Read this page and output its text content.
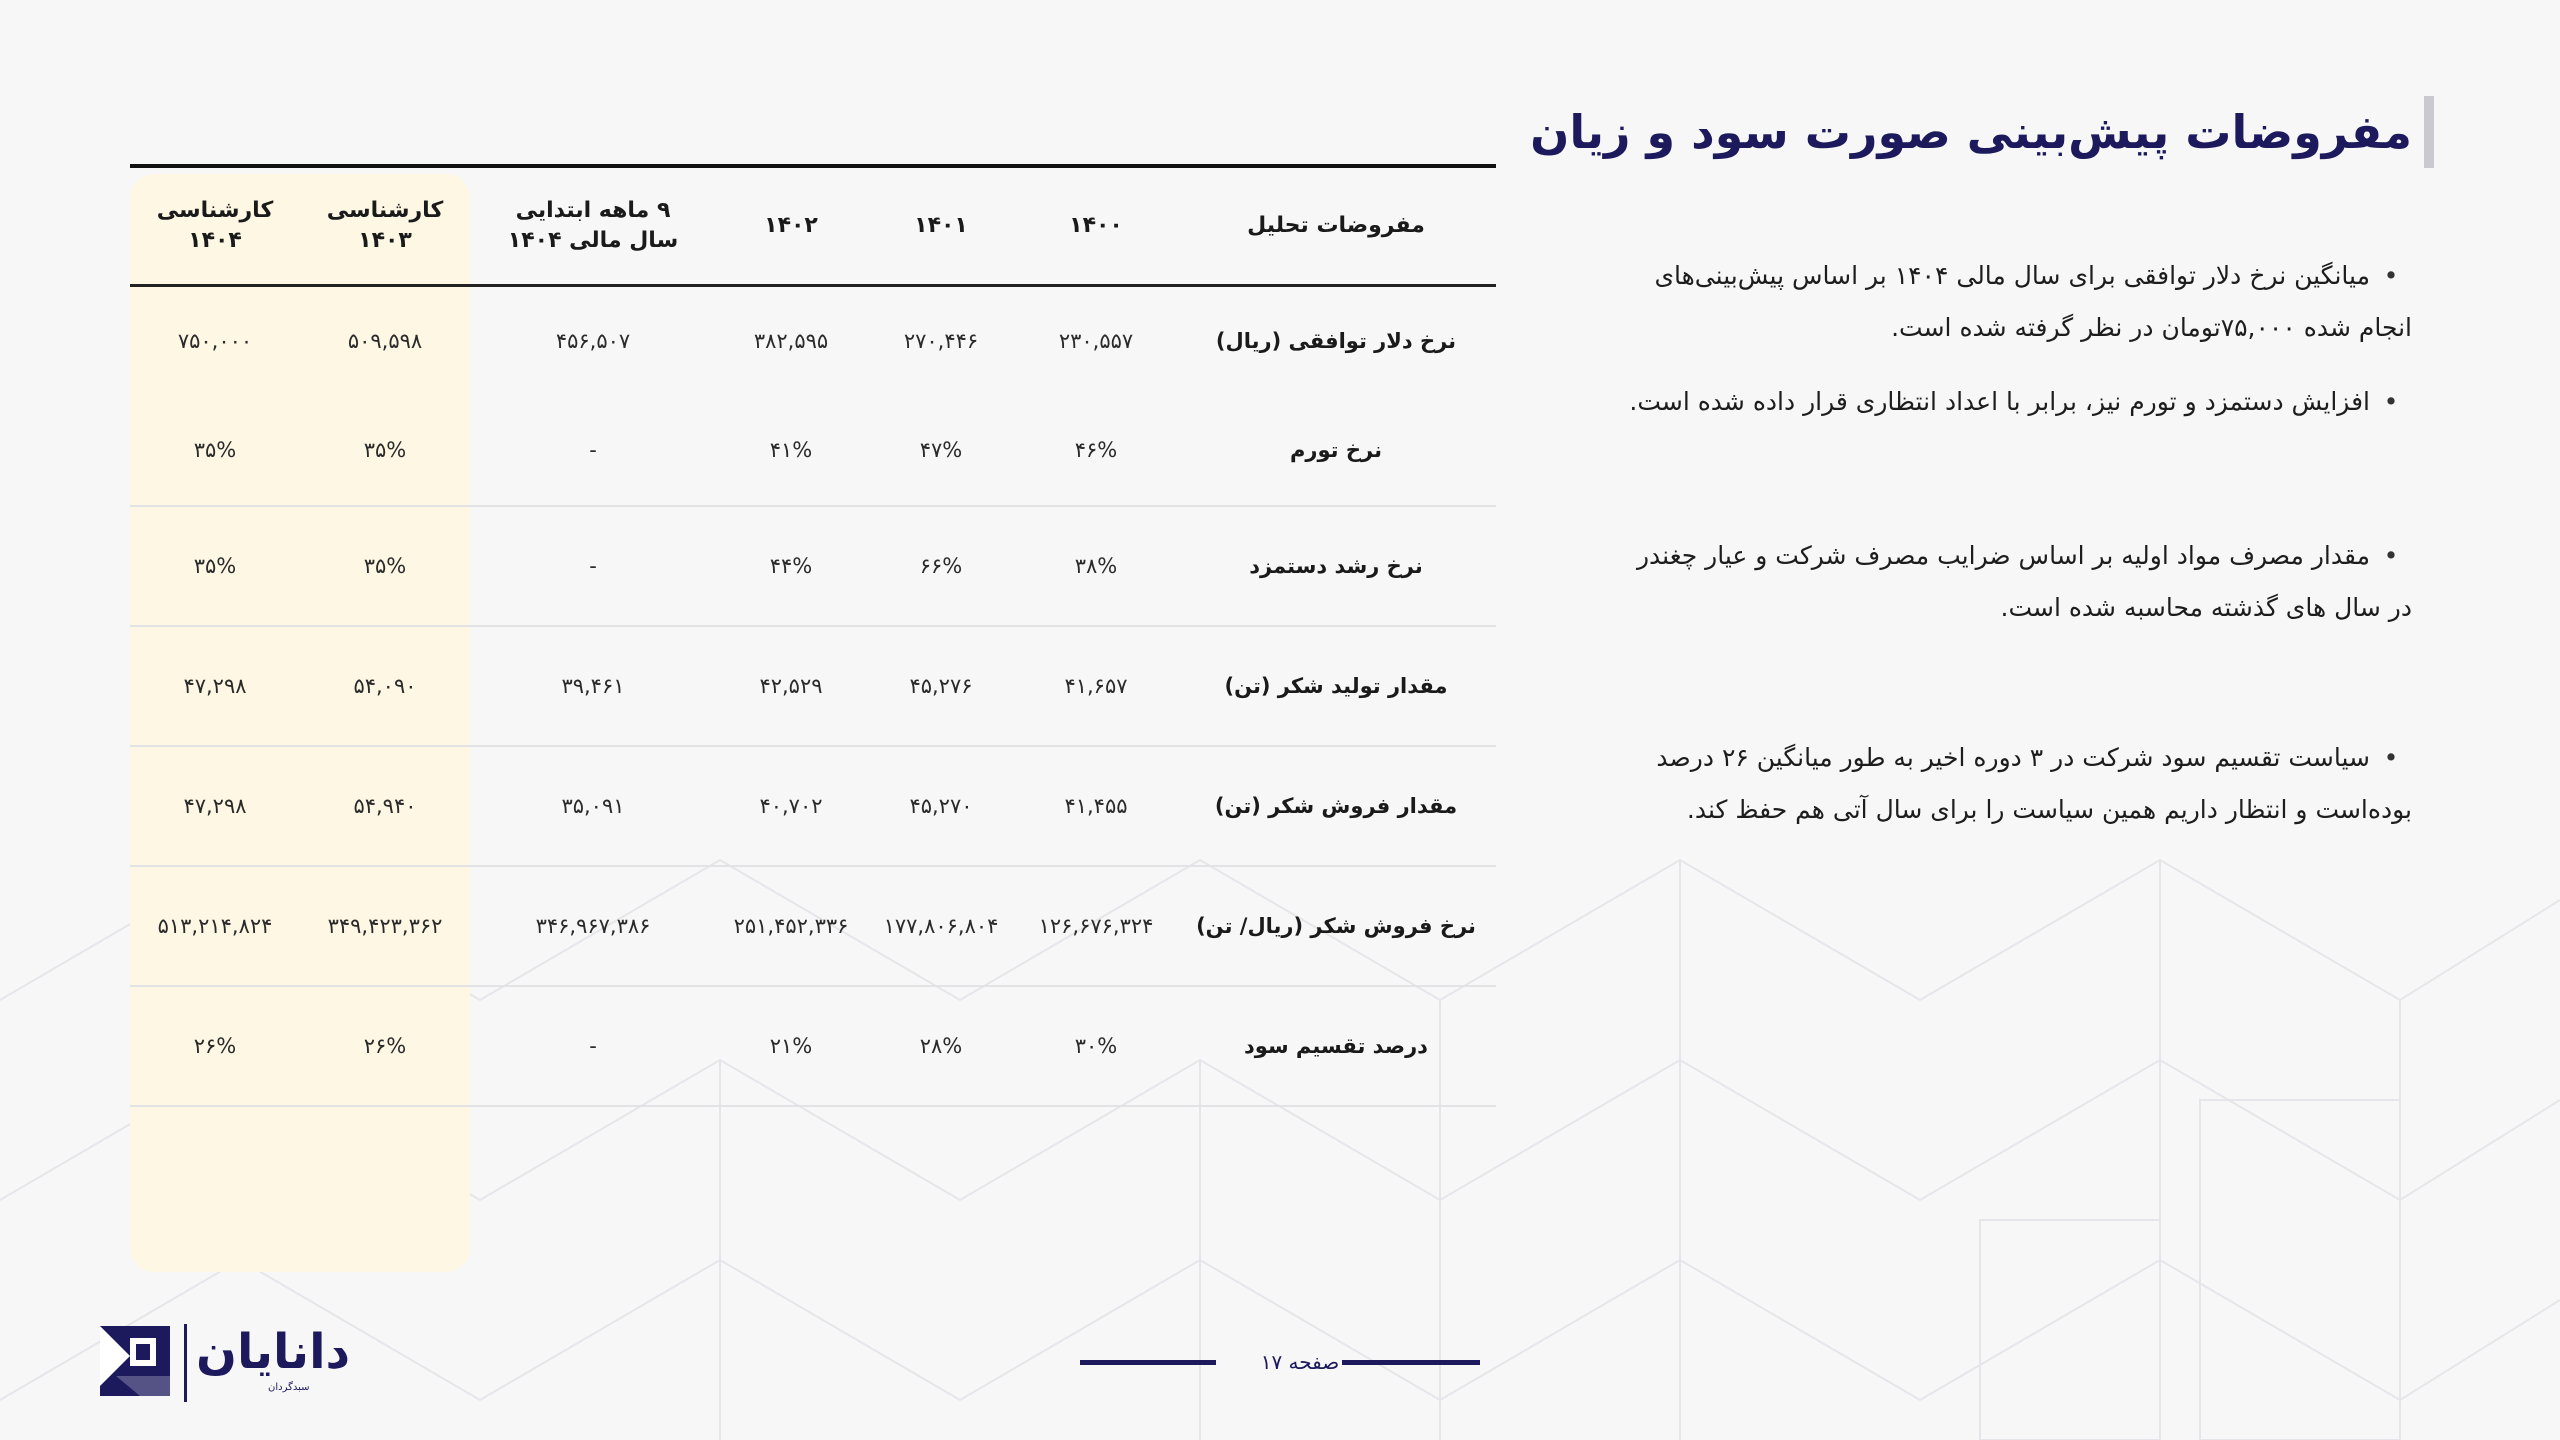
مفروضات پیش‌بینی صورت سود و زیان
• میانگین نرخ دلار توافقی برای سال مالی ۱۴۰۴ بر اساس پیش‌بینی‌های انجام شده ۷۵,۰۰۰تومان در نظر گرفته شده است.
• افزایش دستمزد و تورم نیز، برابر با اعداد انتظاری قرار داده شده است.
• مقدار مصرف مواد اولیه بر اساس ضرایب مصرف شرکت و عیار چغندر در سال های گذشته محاسبه شده است.
• سیاست تقسیم سود شرکت در ۳ دوره اخیر به طور میانگین ۲۶ درصد بوده‌است و انتظار داریم همین سیاست را برای سال آتی هم حفظ کند.
مفروضات تحلیل	۱۴۰۰	۱۴۰۱	۱۴۰۲	۹ ماهه ابتدایی سال مالی ۱۴۰۴	کارشناسی ۱۴۰۳	کارشناسی ۱۴۰۴
نرخ دلار توافقی (ریال)	۲۳۰,۵۵۷	۲۷۰,۴۴۶	۳۸۲,۵۹۵	۴۵۶,۵۰۷	۵۰۹,۵۹۸	۷۵۰,۰۰۰
نرخ تورم	۴۶%	۴۷%	۴۱%	-	۳۵%	۳۵%
نرخ رشد دستمزد	۳۸%	۶۶%	۴۴%	-	۳۵%	۳۵%
مقدار تولید شکر (تن)	۴۱,۶۵۷	۴۵,۲۷۶	۴۲,۵۲۹	۳۹,۴۶۱	۵۴,۰۹۰	۴۷,۲۹۸
مقدار فروش شکر (تن)	۴۱,۴۵۵	۴۵,۲۷۰	۴۰,۷۰۲	۳۵,۰۹۱	۵۴,۹۴۰	۴۷,۲۹۸
نرخ فروش شکر (ریال/ تن)	۱۲۶,۶۷۶,۳۲۴	۱۷۷,۸۰۶,۸۰۴	۲۵۱,۴۵۲,۳۳۶	۳۴۶,۹۶۷,۳۸۶	۳۴۹,۴۲۳,۳۶۲	۵۱۳,۲۱۴,۸۲۴
درصد تقسیم سود	۳۰%	۲۸%	۲۱%	-	۲۶%	۲۶%
دانایان
سبدگردان
صفحه ۱۷
